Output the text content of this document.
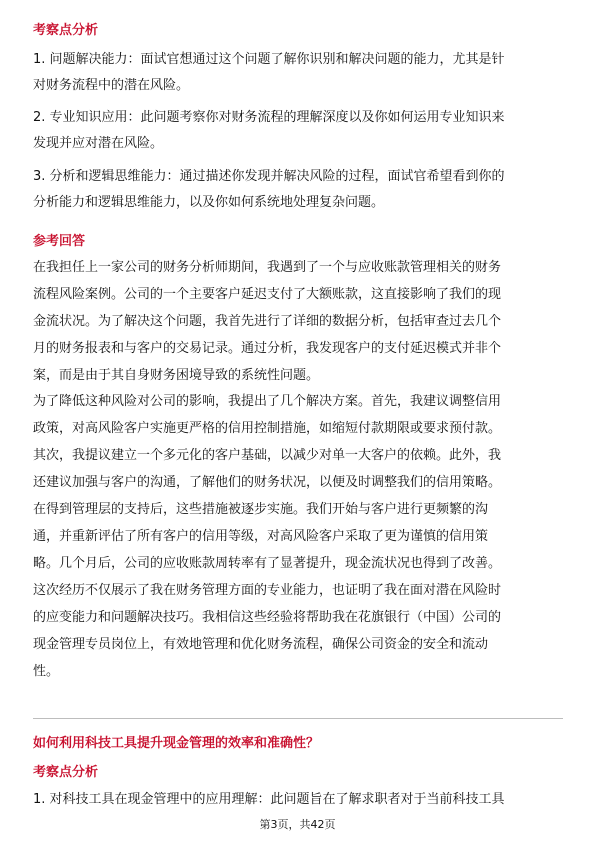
考察点分析
1. 问题解决能力：面试官想通过这个问题了解你识别和解决问题的能力，尤其是针
对财务流程中的潜在风险。
2. 专业知识应用：此问题考察你对财务流程的理解深度以及你如何运用专业知识来
发现并应对潜在风险。
3. 分析和逻辑思维能力：通过描述你发现并解决风险的过程，面试官希望看到你的
分析能力和逻辑思维能力，以及你如何系统地处理复杂问题。
参考回答
在我担任上一家公司的财务分析师期间，我遇到了一个与应收账款管理相关的财务
流程风险案例。公司的一个主要客户延迟支付了大额账款，这直接影响了我们的现
金流状况。为了解决这个问题，我首先进行了详细的数据分析，包括审查过去几个
月的财务报表和与客户的交易记录。通过分析，我发现客户的支付延迟模式并非个
案，而是由于其自身财务困境导致的系统性问题。
为了降低这种风险对公司的影响，我提出了几个解决方案。首先，我建议调整信用
政策，对高风险客户实施更严格的信用控制措施，如缩短付款期限或要求预付款。
其次，我提议建立一个多元化的客户基础，以减少对单一大客户的依赖。此外，我
还建议加强与客户的沟通，了解他们的财务状况，以便及时调整我们的信用策略。
在得到管理层的支持后，这些措施被逐步实施。我们开始与客户进行更频繁的沟
通，并重新评估了所有客户的信用等级，对高风险客户采取了更为谨慎的信用策
略。几个月后，公司的应收账款周转率有了显著提升，现金流状况也得到了改善。
这次经历不仅展示了我在财务管理方面的专业能力，也证明了我在面对潜在风险时
的应变能力和问题解决技巧。我相信这些经验将帮助我在花旗银行（中国）公司的
现金管理专员岗位上，有效地管理和优化财务流程，确保公司资金的安全和流动
性。
如何利用科技工具提升现金管理的效率和准确性？
考察点分析
1. 对科技工具在现金管理中的应用理解：此问题旨在了解求职者对于当前科技工具
第3页，共42页
